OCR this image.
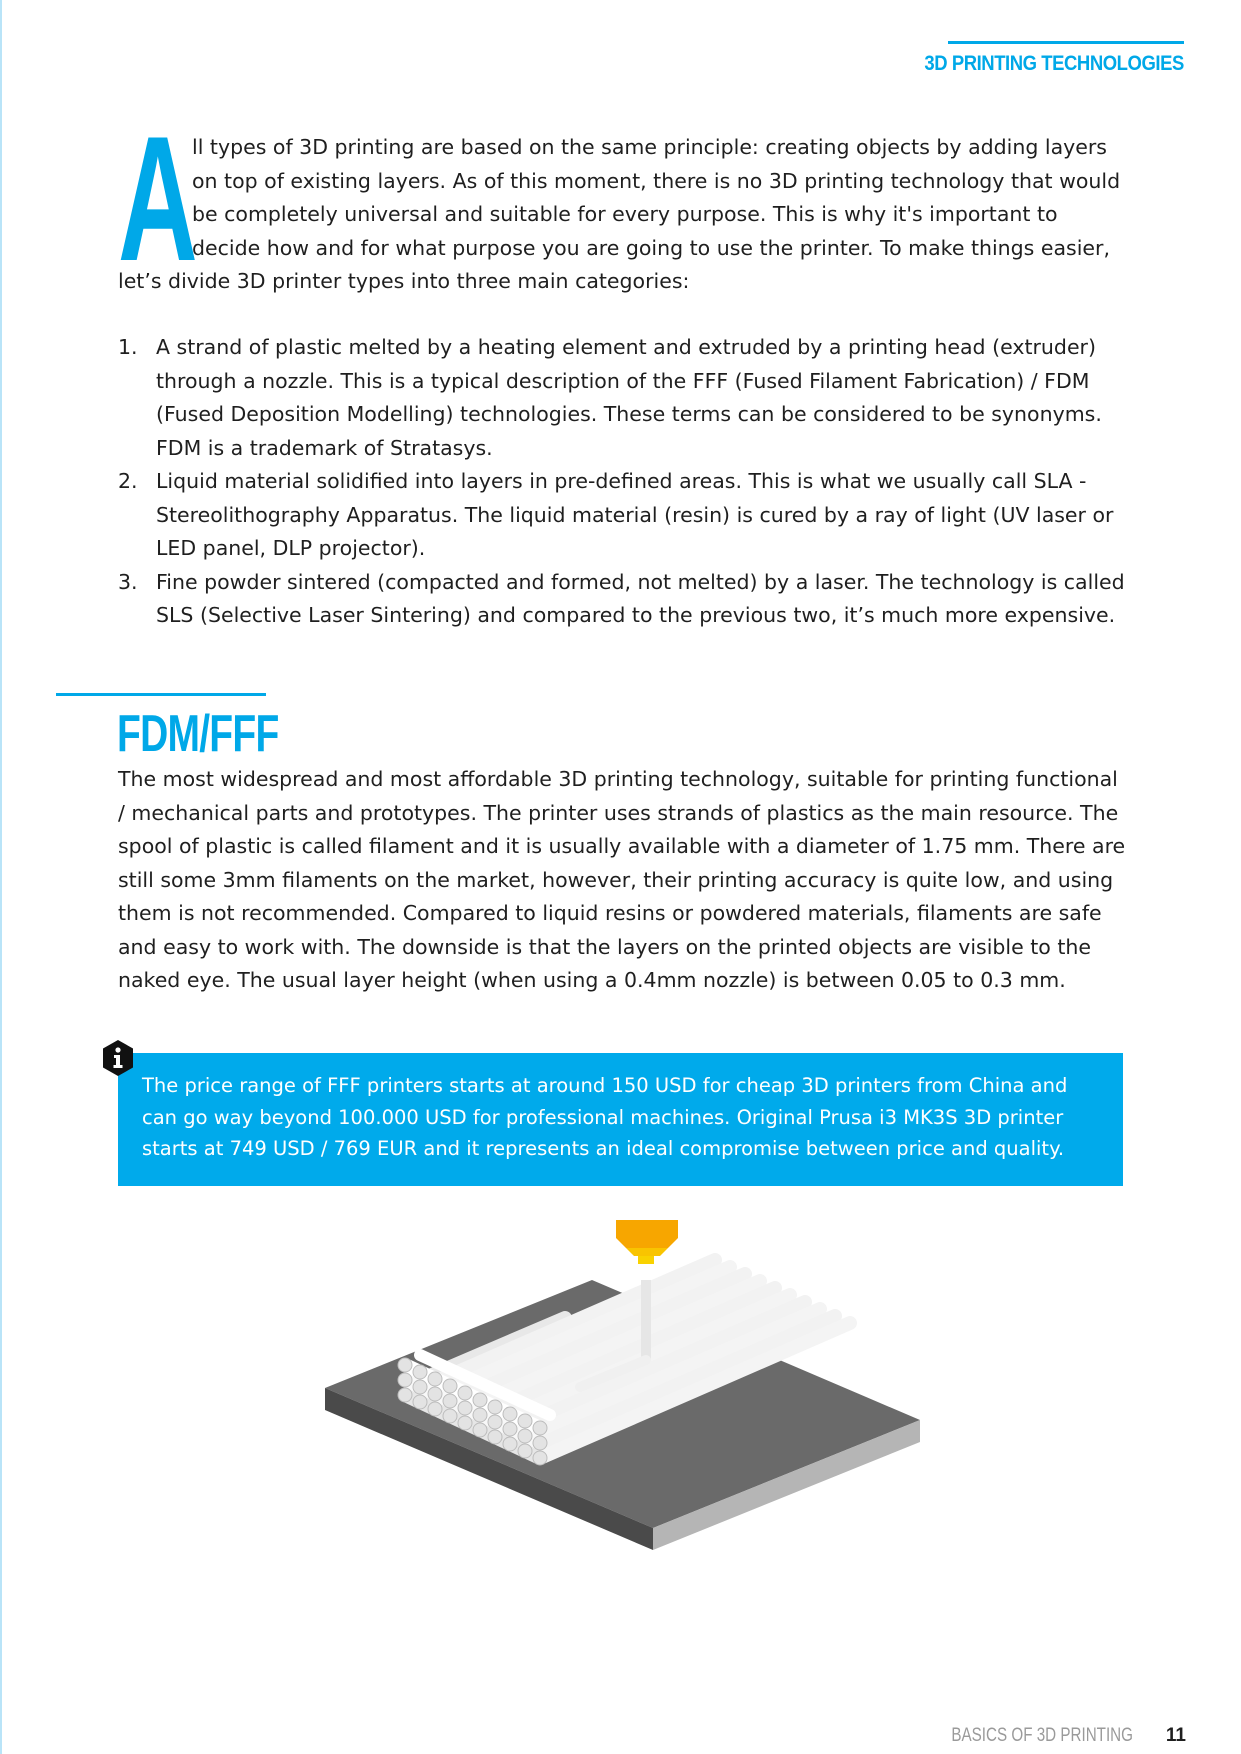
3D PRINTING TECHNOLOGIES

A
ll types of 3D printing are based on the same principle: creating objects by adding layers on top of existing layers. As of this moment, there is no 3D printing technology that would be completely universal and suitable for every purpose. This is why it's important to decide how and for what purpose you are going to use the printer. To make things easier, let’s divide 3D printer types into three main categories:

1. A strand of plastic melted by a heating element and extruded by a printing head (extruder) through a nozzle. This is a typical description of the FFF (Fused Filament Fabrication) / FDM (Fused Deposition Modelling) technologies. These terms can be considered to be synonyms. FDM is a trademark of Stratasys.
2. Liquid material solidified into layers in pre-defined areas. This is what we usually call SLA - Stereolithography Apparatus. The liquid material (resin) is cured by a ray of light (UV laser or LED panel, DLP projector).
3. Fine powder sintered (compacted and formed, not melted) by a laser. The technology is called SLS (Selective Laser Sintering) and compared to the previous two, it’s much more expensive.
FDM/FFF

The most widespread and most affordable 3D printing technology, suitable for printing functional / mechanical parts and prototypes. The printer uses strands of plastics as the main resource. The spool of plastic is called filament and it is usually available with a diameter of 1.75 mm. There are still some 3mm filaments on the market, however, their printing accuracy is quite low, and using them is not recommended. Compared to liquid resins or powdered materials, filaments are safe and easy to work with. The downside is that the layers on the printed objects are visible to the naked eye. The usual layer height (when using a 0.4mm nozzle) is between 0.05 to 0.3 mm.

The price range of FFF printers starts at around 150 USD for cheap 3D printers from China and can go way beyond 100.000 USD for professional machines. Original Prusa i3 MK3S 3D printer starts at 749 USD / 769 EUR and it represents an ideal compromise between price and quality.
BASICS OF 3D PRINTING 11
